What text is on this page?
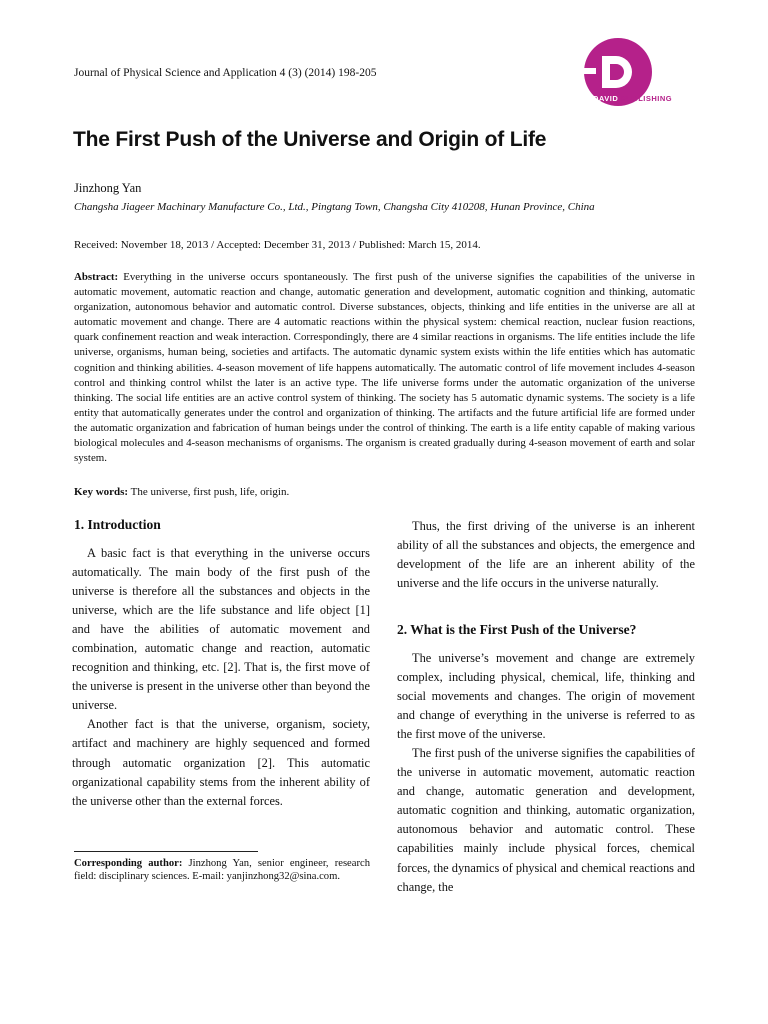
Journal of Physical Science and Application 4 (3) (2014) 198-205
DAVID PUBLISHING
The First Push of the Universe and Origin of Life
Jinzhong Yan
Changsha Jiageer Machinary Manufacture Co., Ltd., Pingtang Town, Changsha City 410208, Hunan Province, China
Received: November 18, 2013 / Accepted: December 31, 2013 / Published: March 15, 2014.
Abstract: Everything in the universe occurs spontaneously. The first push of the universe signifies the capabilities of the universe in automatic movement, automatic reaction and change, automatic generation and development, automatic cognition and thinking, automatic organization, autonomous behavior and automatic control. Diverse substances, objects, thinking and life entities in the universe are all at automatic movement and change. There are 4 automatic reactions within the physical system: chemical reaction, nuclear fusion reactions, quark confinement reaction and weak interaction. Correspondingly, there are 4 similar reactions in organisms. The life entities include the life universe, organisms, human being, societies and artifacts. The automatic dynamic system exists within the life entities which has automatic cognition and thinking abilities. 4-season movement of life happens automatically. The automatic control of life movement includes 4-season control and thinking control whilst the later is an active type. The life universe forms under the automatic organization of the universe thinking. The social life entities are an active control system of thinking. The society has 5 automatic dynamic systems. The society is a life entity that automatically generates under the control and organization of thinking. The artifacts and the future artificial life are formed under the automatic organization and fabrication of human beings under the control of thinking. The earth is a life entity capable of making various biological molecules and 4-season mechanisms of organisms. The organism is created gradually during 4-season movement of earth and solar system.
Key words: The universe, first push, life, origin.
1. Introduction

A basic fact is that everything in the universe occurs automatically. The main body of the first push of the universe is therefore all the substances and objects in the universe, which are the life substance and life object [1] and have the abilities of automatic movement and combination, automatic change and reaction, automatic recognition and thinking, etc. [2]. That is, the first move of the universe is present in the universe other than beyond the universe.

Another fact is that the universe, organism, society, artifact and machinery are highly sequenced and formed through automatic organization [2]. This automatic organizational capability stems from the inherent ability of the universe other than the external forces.

Thus, the first driving of the universe is an inherent ability of all the substances and objects, the emergence and development of the life are an inherent ability of the universe and the life occurs in the universe naturally.

2. What is the First Push of the Universe?

The universe’s movement and change are extremely complex, including physical, chemical, life, thinking and social movements and changes. The origin of movement and change of everything in the universe is referred to as the first move of the universe.

The first push of the universe signifies the capabilities of the universe in automatic movement, automatic reaction and change, automatic generation and development, automatic cognition and thinking, automatic organization, autonomous behavior and automatic control. These capabilities mainly include physical forces, chemical forces, the dynamics of physical and chemical reactions and change, the

Corresponding author: Jinzhong Yan, senior engineer, research field: disciplinary sciences. E-mail: yanjinzhong32@sina.com.
